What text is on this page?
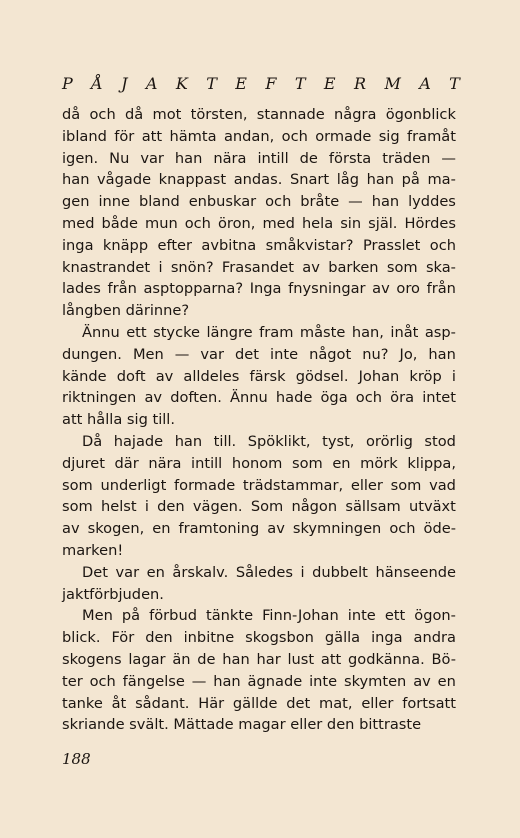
P Å J A K T E F T E R M A T
då och då mot törsten, stannade några ögonblick
ibland för att hämta andan, och ormade sig framåt
igen. Nu var han nära intill de första träden —
han vågade knappast andas. Snart låg han på ma-
gen inne bland enbuskar och bråte — han lyddes
med både mun och öron, med hela sin själ. Hördes
inga knäpp efter avbitna småkvistar? Prasslet och
knastrandet i snön? Frasandet av barken som ska-
lades från asptopparna? Inga fnysningar av oro från
långben därinne?
Ännu ett stycke längre fram måste han, inåt asp-
dungen. Men — var det inte något nu? Jo, han
kände doft av alldeles färsk gödsel. Johan kröp i
riktningen av doften. Ännu hade öga och öra intet
att hålla sig till.
Då hajade han till. Spöklikt, tyst, orörlig stod
djuret där nära intill honom som en mörk klippa,
som underligt formade trädstammar, eller som vad
som helst i den vägen. Som någon sällsam utväxt
av skogen, en framtoning av skymningen och öde-
marken!
Det var en årskalv. Således i dubbelt hänseende
jaktförbjuden.
Men på förbud tänkte Finn-Johan inte ett ögon-
blick. För den inbitne skogsbon gälla inga andra
skogens lagar än de han har lust att godkänna. Bö-
ter och fängelse — han ägnade inte skymten av en
tanke åt sådant. Här gällde det mat, eller fortsatt
skriande svält. Mättade magar eller den bittraste
188
